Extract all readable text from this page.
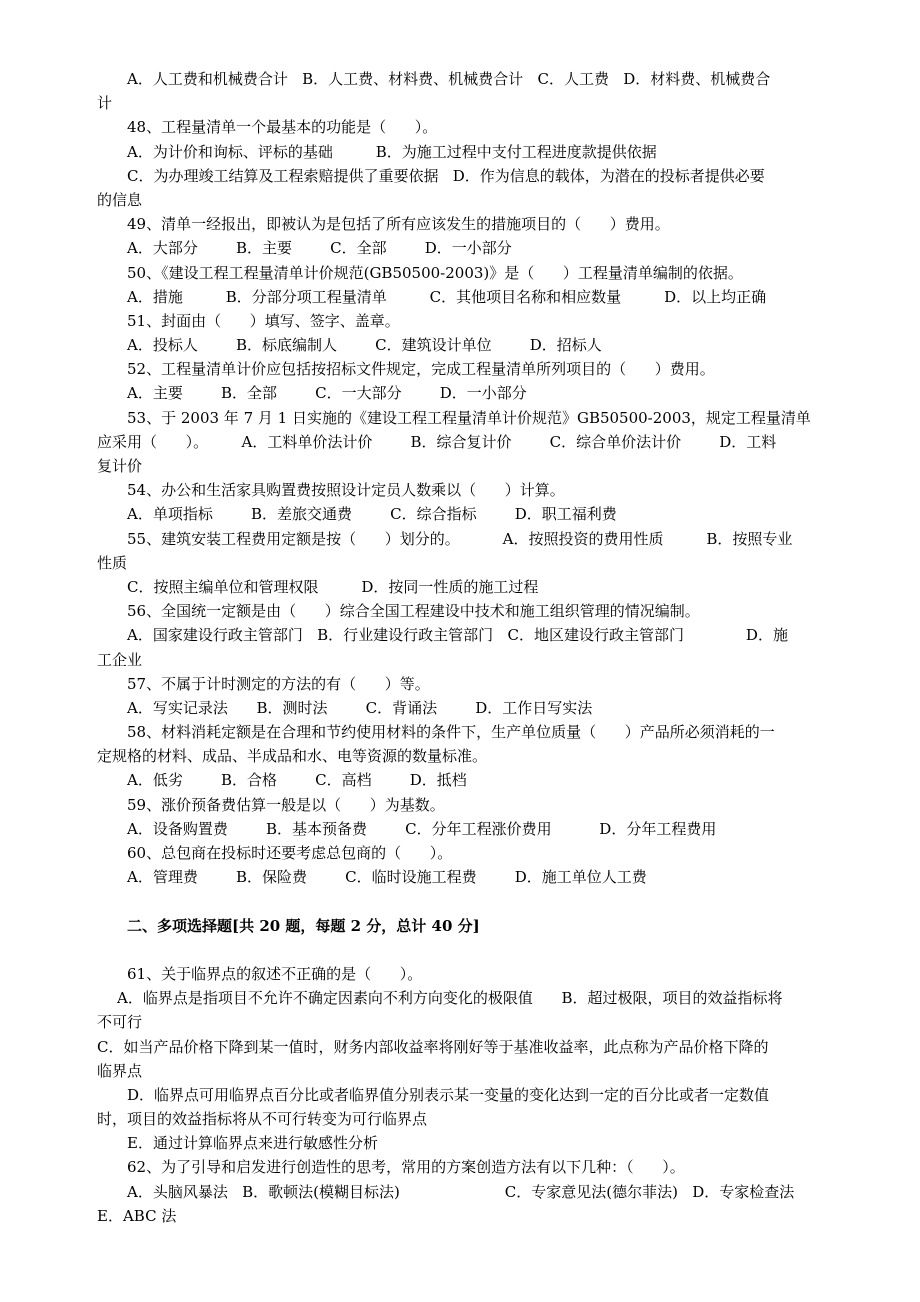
A．人工费和机械费合计   B．人工费、材料费、机械费合计   C．人工费   D．材料费、机械费合
计
48、工程量清单一个最基本的功能是（      ）。
A．为计价和询标、评标的基础         B．为施工过程中支付工程进度款提供依据
C．为办理竣工结算及工程索赔提供了重要依据   D．作为信息的载体，为潜在的投标者提供必要
的信息
49、清单一经报出，即被认为是包括了所有应该发生的措施项目的（      ）费用。
A．大部分        B．主要        C．全部        D．一小部分
50、《建设工程工程量清单计价规范(GB50500-2003)》是（      ）工程量清单编制的依据。
A．措施         B．分部分项工程量清单         C．其他项目名称和相应数量         D．以上均正确
51、封面由（      ）填写、签字、盖章。
A．投标人        B．标底编制人        C．建筑设计单位        D．招标人
52、工程量清单计价应包括按招标文件规定，完成工程量清单所列项目的（      ）费用。
A．主要        B．全部        C．一大部分        D．一小部分
53、于 2003 年 7 月 1 日实施的《建设工程工程量清单计价规范》GB50500-2003，规定工程量清单
应采用（      ）。       A．工料单价法计价        B．综合复计价        C．综合单价法计价        D．工料
复计价
54、办公和生活家具购置费按照设计定员人数乘以（      ）计算。
A．单项指标        B．差旅交通费        C．综合指标        D．职工福利费
55、建筑安装工程费用定额是按（      ）划分的。         A．按照投资的费用性质         B．按照专业
性质
C．按照主编单位和管理权限         D．按同一性质的施工过程
56、全国统一定额是由（      ）综合全国工程建设中技术和施工组织管理的情况编制。
A．国家建设行政主管部门   B．行业建设行政主管部门   C．地区建设行政主管部门             D．施
工企业
57、不属于计时测定的方法的有（      ）等。
A．写实记录法      B．测时法        C．背诵法        D．工作日写实法
58、材料消耗定额是在合理和节约使用材料的条件下，生产单位质量（      ）产品所必须消耗的一
定规格的材料、成品、半成品和水、电等资源的数量标准。
A．低劣        B．合格        C．高档        D．抵档
59、涨价预备费估算一般是以（      ）为基数。
A．设备购置费        B．基本预备费        C．分年工程涨价费用          D．分年工程费用
60、总包商在投标时还要考虑总包商的（      ）。
A．管理费        B．保险费        C．临时设施工程费        D．施工单位人工费
二、多项选择题[共 20 题，每题 2 分，总计 40 分]
61、关于临界点的叙述不正确的是（      ）。
A．临界点是指项目不允许不确定因素向不利方向变化的极限值      B．超过极限，项目的效益指标将
不可行
C．如当产品价格下降到某一值时，财务内部收益率将刚好等于基准收益率，此点称为产品价格下降的
临界点
D．临界点可用临界点百分比或者临界值分别表示某一变量的变化达到一定的百分比或者一定数值
时，项目的效益指标将从不可行转变为可行临界点
E．通过计算临界点来进行敏感性分析
62、为了引导和启发进行创造性的思考，常用的方案创造方法有以下几种：（      ）。
A．头脑风暴法   B．歌顿法(模糊目标法)                      C．专家意见法(德尔菲法)   D．专家检查法
E．ABC 法
